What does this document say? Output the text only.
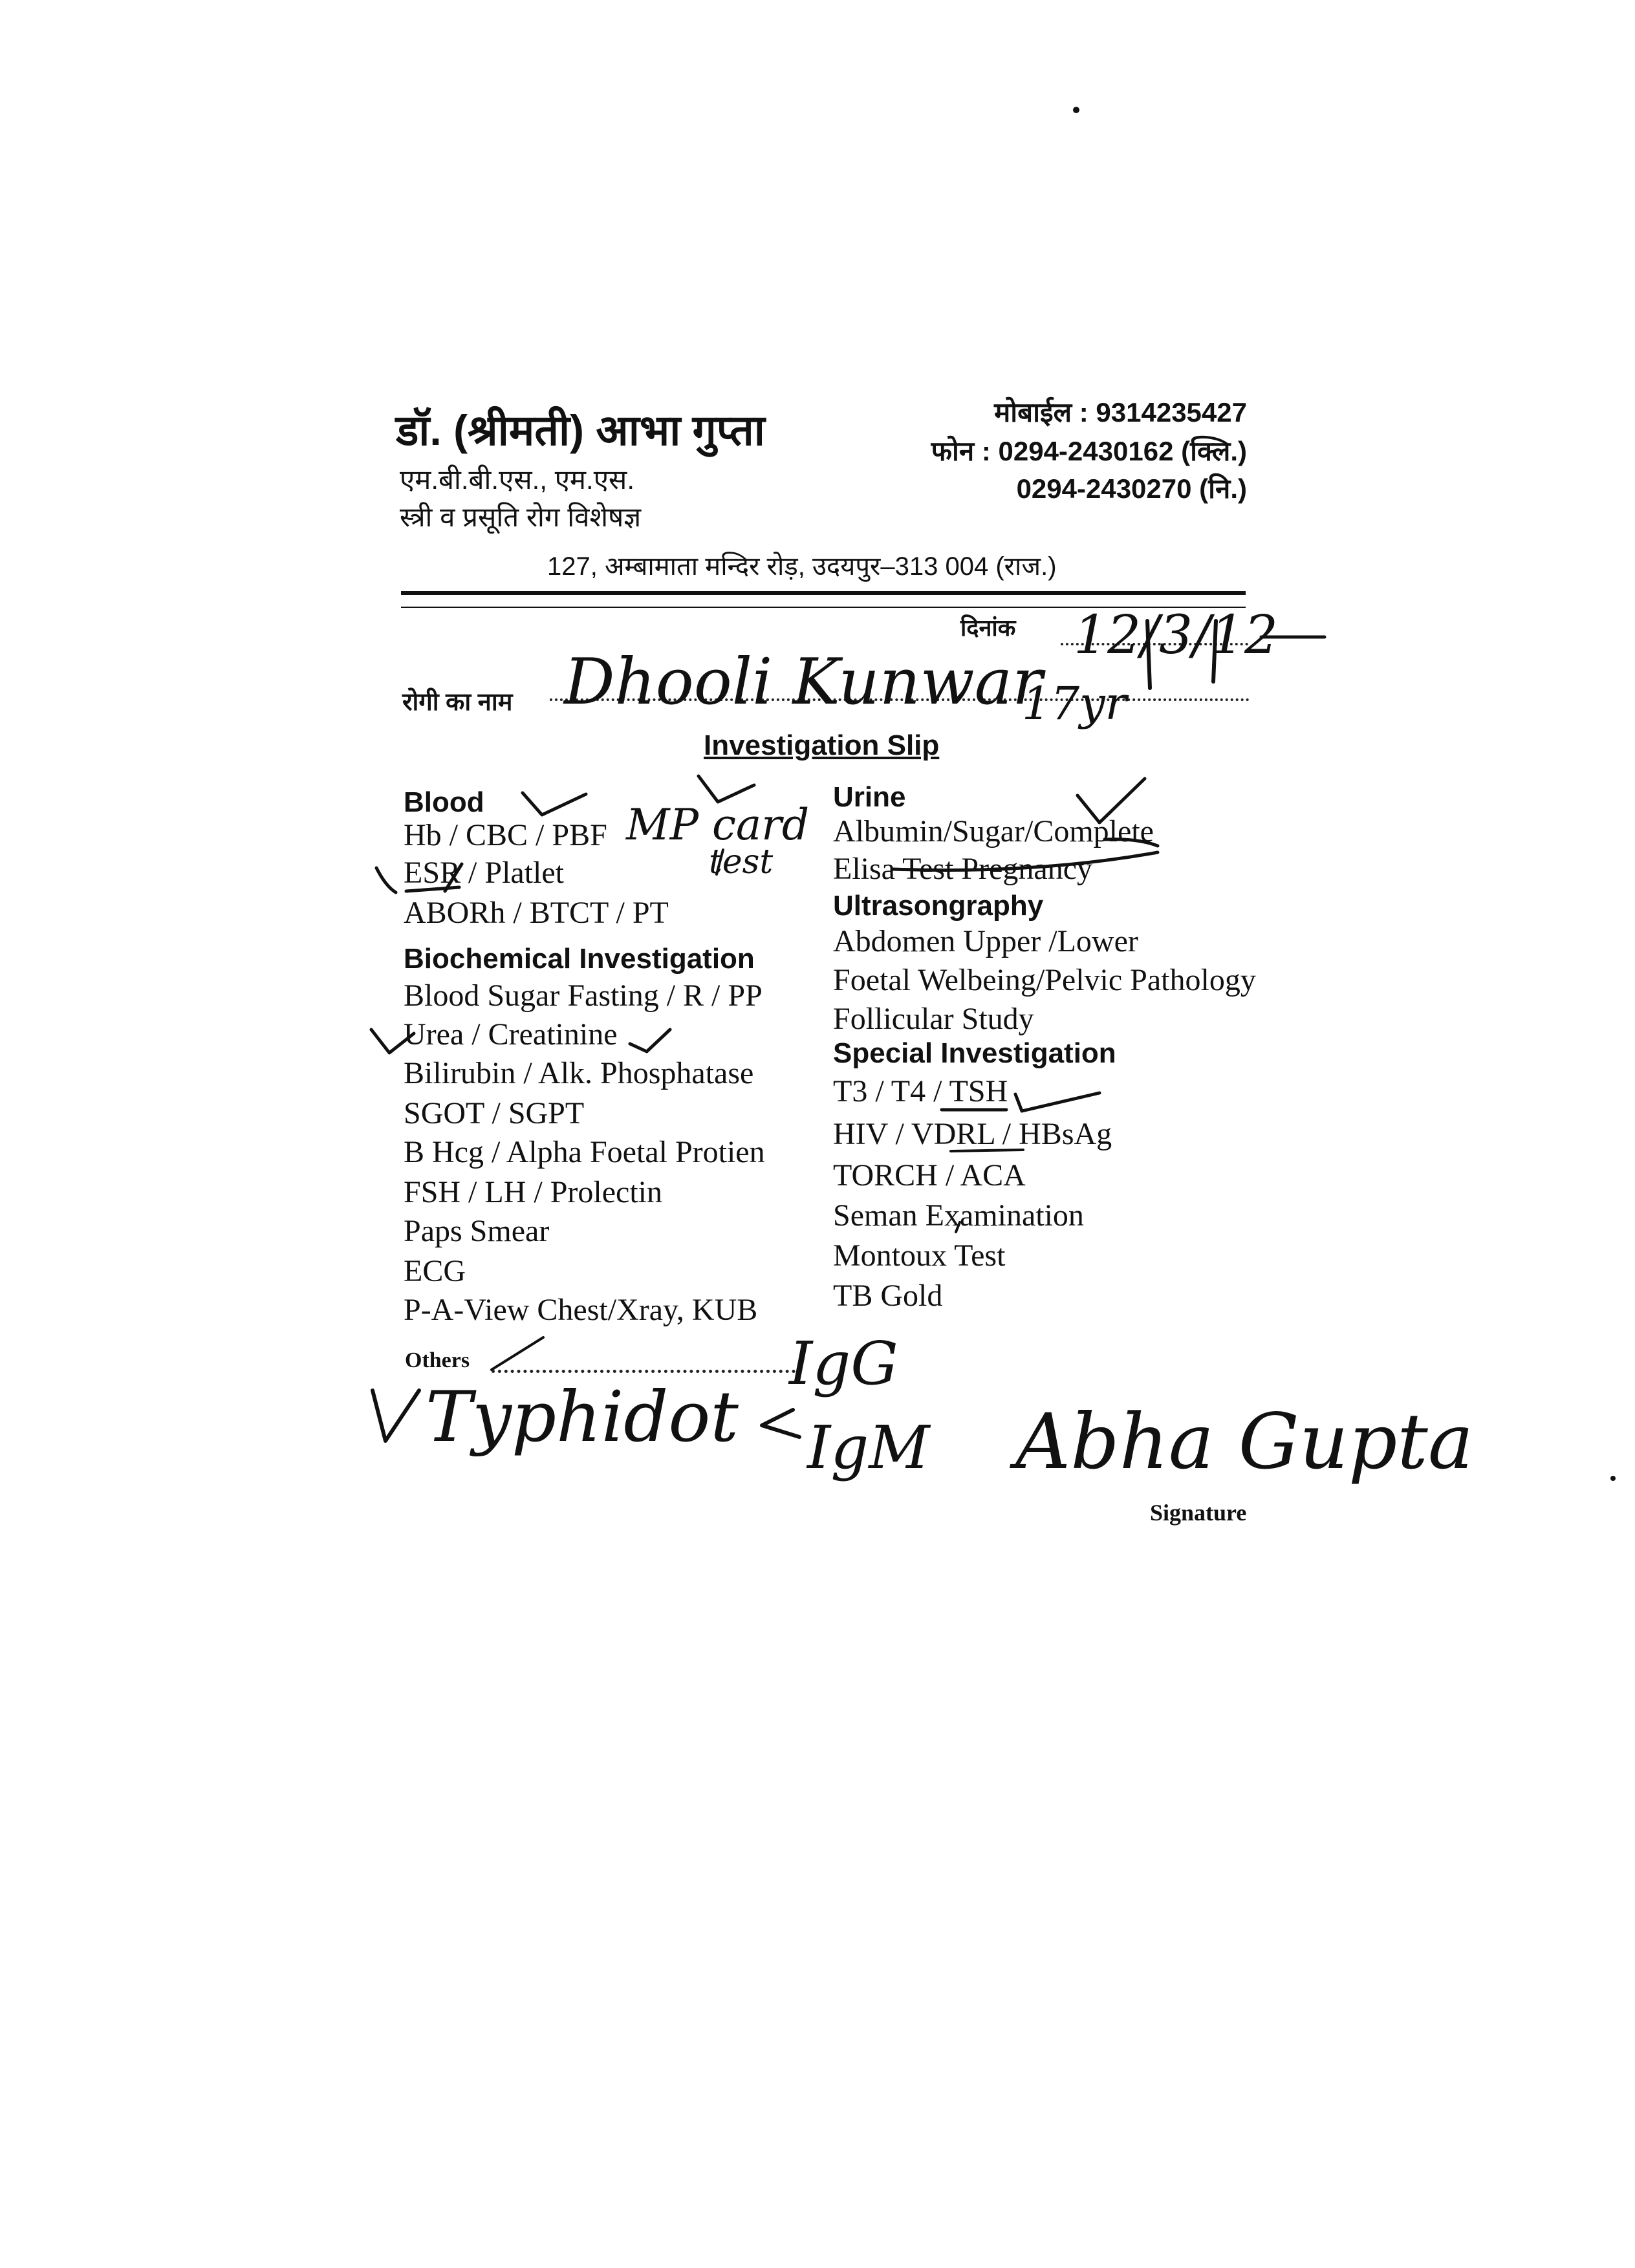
डॉ. (श्रीमती) आभा गुप्ता
एम.बी.बी.एस., एम.एस.
स्त्री व प्रसूति रोग विशेषज्ञ
मोबाईल : 9314235427
फोन : 0294-2430162 (क्लि.)
0294-2430270 (नि.)
127, अम्बामाता मन्दिर रोड़, उदयपुर–313 004 (राज.)
दिनांक
रोगी का नाम
Investigation Slip
Blood
Hb / CBC / PBF
ESR / Platlet
ABORh / BTCT / PT
Biochemical Investigation
Blood Sugar Fasting / R / PP
Urea / Creatinine
Bilirubin / Alk. Phosphatase
SGOT / SGPT
B Hcg / Alpha Foetal Protien
FSH / LH / Prolectin
Paps Smear
ECG
P-A-View Chest/Xray, KUB
Urine
Albumin/Sugar/Complete
Elisa Test Pregnancy
Ultrasongraphy
Abdomen Upper /Lower
Foetal Welbeing/Pelvic Pathology
Follicular Study
Special Investigation
T3 / T4 / TSH
HIV / VDRL / HBsAg
TORCH / ACA
Seman Examination
Montoux Test
TB Gold
Others
Signature
12/3/12
Dhooli Kunwar
17yr
MP card
test
Typhidot
IgG
IgM Abha Gupta
